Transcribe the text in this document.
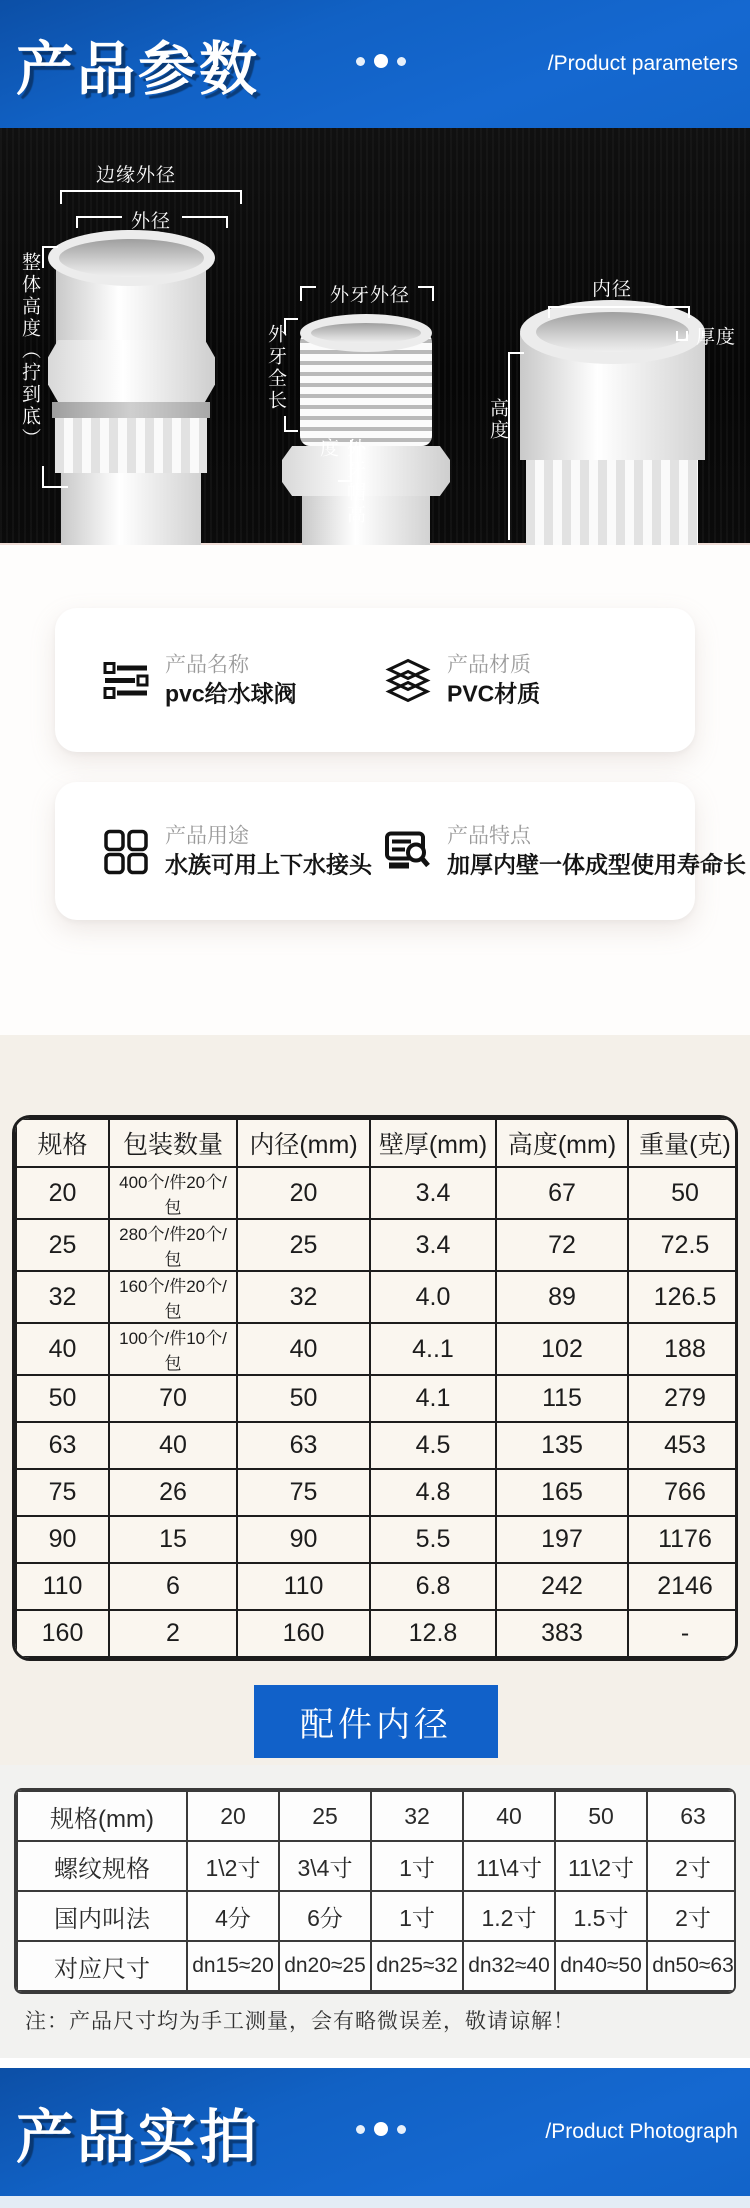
产品参数	/Product parameters
边缘外径
外径
整体高度（拧到底）	外牙外径
外牙全长
外牙帽高度
内径
厚度
高度
产品名称
pvc给水球阀
产品材质
PVC材质
产品用途
水族可用上下水接头
产品特点
加厚内壁一体成型使用寿命长
规格	包装数量	内径(mm)	壁厚(mm)	高度(mm)	重量(克)
20	400个/件20个/包	20	3.4	67	50
25	280个/件20个/包	25	3.4	72	72.5
32	160个/件20个/包	32	4.0	89	126.5
40	100个/件10个/包	40	4..1	102	188
50	70	50	4.1	115	279
63	40	63	4.5	135	453
75	26	75	4.8	165	766
90	15	90	5.5	197	1176
110	6	110	6.8	242	2146
160	2	160	12.8	383	-
配件内径
规格(mm)	20	25	32	40	50	63
螺纹规格	1\2寸	3\4寸	1寸	11\4寸	11\2寸	2寸
国内叫法	4分	6分	1寸	1.2寸	1.5寸	2寸
对应尺寸	dn15≈20	dn20≈25	dn25≈32	dn32≈40	dn40≈50	dn50≈63
注：产品尺寸均为手工测量，会有略微误差，敬请谅解！
产品实拍	/Product Photograph
